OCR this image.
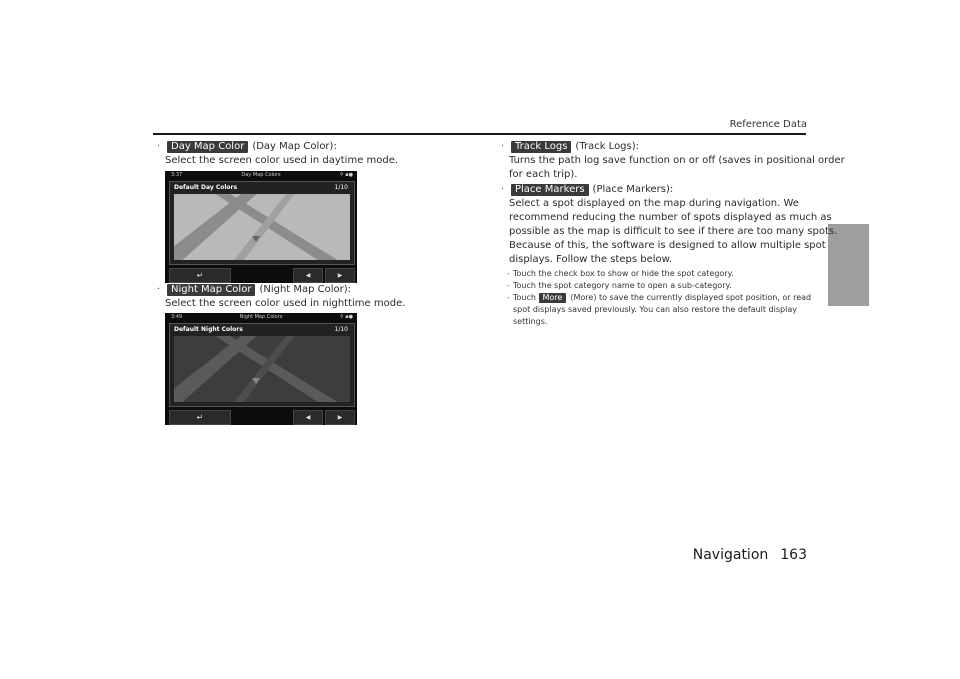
Reference Data
· Day Map Color (Day Map Color):
Select the screen color used in daytime mode.
3:37	Day Map Colors	⚲ ▪●
Default Day Colors	1/10
↵	◀	▶
· Night Map Color (Night Map Color):
Select the screen color used in nighttime mode.
3:49	Night Map Colors	⚲ ▪●
Default Night Colors	1/10
↵	◀	▶
· Track Logs (Track Logs):
Turns the path log save function on or off (saves in positional order
for each trip).
· Place Markers (Place Markers):
Select a spot displayed on the map during navigation. We
recommend reducing the number of spots displayed as much as
possible as the map is difficult to see if there are too many spots.
Because of this, the software is designed to allow multiple spot
displays. Follow the steps below.
- Touch the check box to show or hide the spot category.
- Touch the spot category name to open a sub-category.
- Touch More (More) to save the currently displayed spot position, or read
spot displays saved previously. You can also restore the default display
settings.
Navigation 163
